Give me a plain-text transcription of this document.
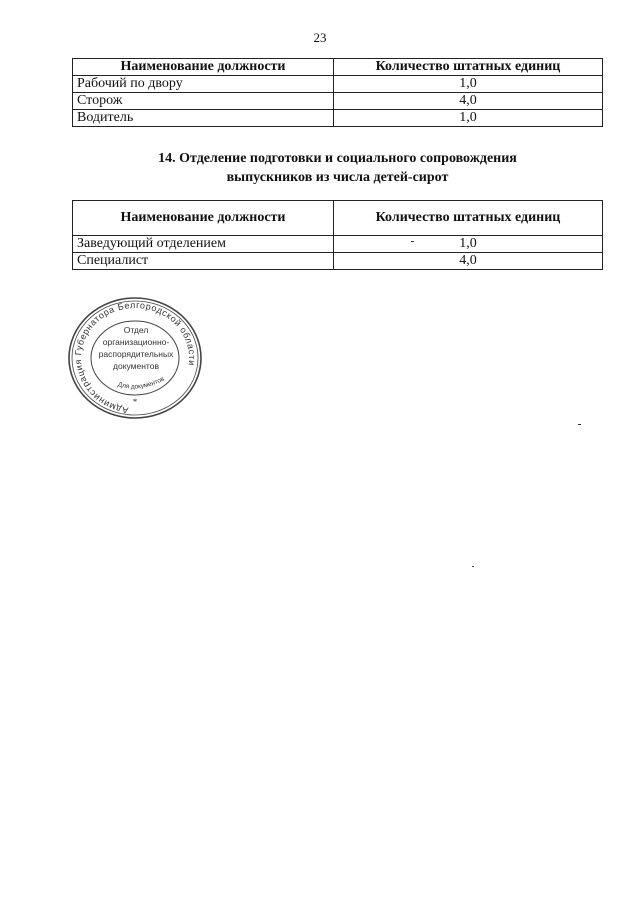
23
Наименование должности	Количество штатных единиц
Рабочий по двору	1,0
Сторож	4,0
Водитель	1,0
14. Отделение подготовки и социального сопровождения
выпускников из числа детей-сирот
Наименование должности	Количество штатных единиц
Заведующий отделением	1,0
Специалист	4,0
Администрация Губернатора Белгородской области
Для документов
*
Отдел
организационно-
распорядительных
документов
